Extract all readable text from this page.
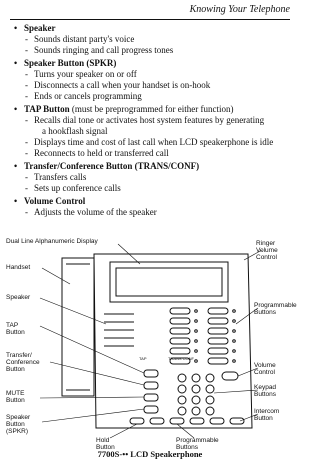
Knowing Your Telephone
• Speaker
- Sounds distant party's voice
- Sounds ringing and call progress tones
• Speaker Button (SPKR)
- Turns your speaker on or off
- Disconnects a call when your handset is on-hook
- Ends or cancels programming
• TAP Button (must be preprogrammed for either function)
- Recalls dial tone or activates host system features by generating
a hookflash signal
- Displays time and cost of last call when LCD speakerphone is idle
- Reconnects to held or transferred call
• Transfer/Conference Button (TRANS/CONF)
- Transfers calls
- Sets up conference calls
• Volume Control
- Adjusts the volume of the speaker
Dual Line Alphanumeric Display	Ringer
Volume
Control
Handset
Speaker
TAP
Button
Transfer/
Conference
Button
MUTE
Button
Speaker
Button
(SPKR)
Hold
Button
Programmable
Buttons
Programmable
Buttons
Volume
Control
Keypad
Buttons
Intercom
Button
TAP	TRANS CONF
7700S-•• LCD Speakerphone
